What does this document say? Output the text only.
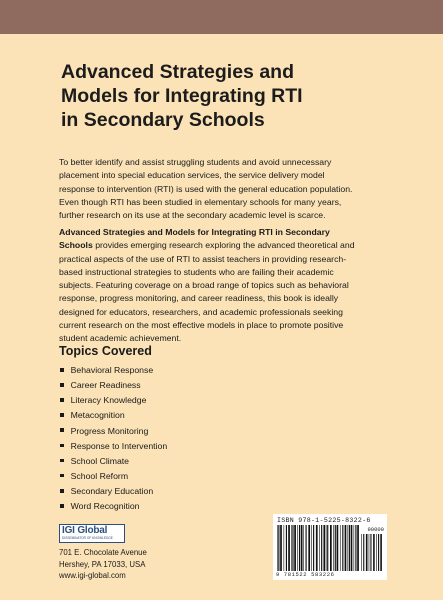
Advanced Strategies and
Models for Integrating RTI
in Secondary Schools

To better identify and assist struggling students and avoid unnecessary
placement into special education services, the service delivery model
response to intervention (RTI) is used with the general education population.
Even though RTI has been studied in elementary schools for many years,
further research on its use at the secondary academic level is scarce.

Advanced Strategies and Models for Integrating RTI in Secondary
Schools provides emerging research exploring the advanced theoretical and
practical aspects of the use of RTI to assist teachers in providing research-
based instructional strategies to students who are failing their academic
subjects. Featuring coverage on a broad range of topics such as behavioral
response, progress monitoring, and career readiness, this book is ideally
designed for educators, researchers, and academic professionals seeking
current research on the most effective models in place to promote positive
student academic achievement.

Topics Covered
Behavioral Response
Career Readiness
Literacy Knowledge
Metacognition
Progress Monitoring
Response to Intervention
School Climate
School Reform
Secondary Education
Word Recognition
IGI Global
DISSEMINATOR OF KNOWLEDGE
701 E. Chocolate Avenue
Hershey, PA 17033, USA
www.igi-global.com
ISBN 978-1-5225-8322-6
90000
9 781522 583226
